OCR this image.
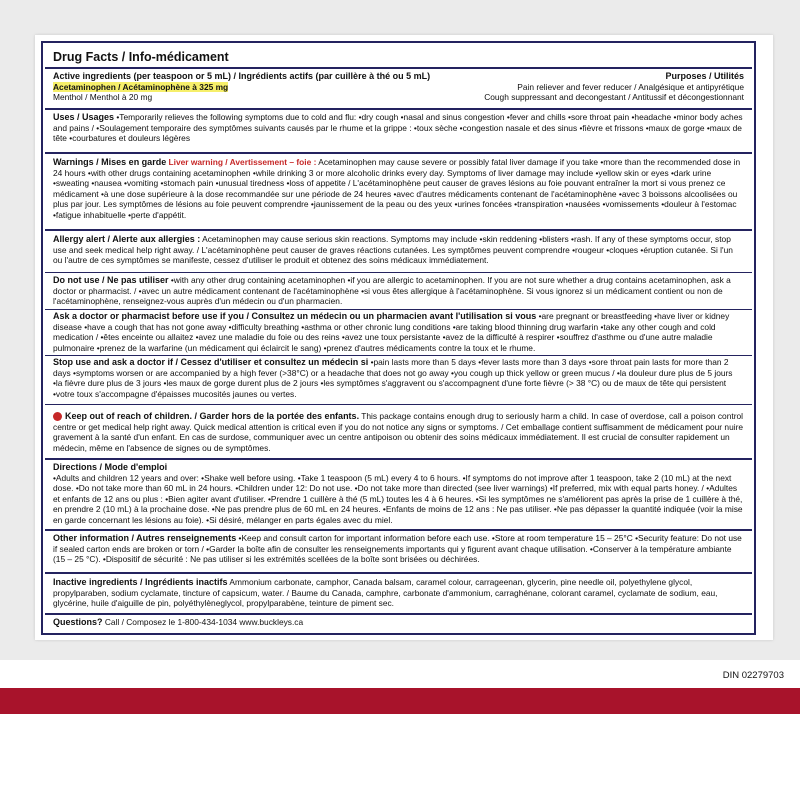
Drug Facts / Info-médicament
Active ingredients (per teaspoon or 5 mL) / Ingrédients actifs (par cuillère à thé ou 5 mL)	Purposes / Utilités
Acetaminophen / Acétaminophène à 325 mg	Pain reliever and fever reducer / Analgésique et antipyrétique
Menthol / Menthol à 20 mg	Cough suppressant and decongestant / Antitussif et décongestionnant

Uses / Usages •Temporarily relieves the following symptoms due to cold and flu: •dry cough •nasal and sinus congestion •fever and chills •sore throat pain •headache •minor body aches and pains / •Soulagement temporaire des symptômes suivants causés par le rhume et la grippe : •toux sèche •congestion nasale et des sinus •fièvre et frissons •maux de gorge •maux de tête •courbatures et douleurs légères

Warnings / Mises en garde Liver warning / Avertissement – foie : Acetaminophen may cause severe or possibly fatal liver damage if you take •more than the recommended dose in 24 hours •with other drugs containing acetaminophen •while drinking 3 or more alcoholic drinks every day. Symptoms of liver damage may include •yellow skin or eyes •dark urine •sweating •nausea •vomiting •stomach pain •unusual tiredness •loss of appetite / L'acétaminophène peut causer de graves lésions au foie pouvant entraîner la mort si vous prenez ce médicament •à une dose supérieure à la dose recommandée sur une période de 24 heures •avec d'autres médicaments contenant de l'acétaminophène •avec 3 boissons alcoolisées ou plus par jour. Les symptômes de lésions au foie peuvent comprendre •jaunissement de la peau ou des yeux •urines foncées •transpiration •nausées •vomissements •douleur à l'estomac •fatigue inhabituelle •perte d'appétit.

Allergy alert / Alerte aux allergies : Acetaminophen may cause serious skin reactions. Symptoms may include •skin reddening •blisters •rash. If any of these symptoms occur, stop use and seek medical help right away. / L'acétaminophène peut causer de graves réactions cutanées. Les symptômes peuvent comprendre •rougeur •cloques •éruption cutanée. Si l'un ou l'autre de ces symptômes se manifeste, cessez d'utiliser le produit et obtenez des soins médicaux immédiatement.

Do not use / Ne pas utiliser •with any other drug containing acetaminophen •if you are allergic to acetaminophen. If you are not sure whether a drug contains acetaminophen, ask a doctor or pharmacist. / •avec un autre médicament contenant de l'acétaminophène •si vous êtes allergique à l'acétaminophène. Si vous ignorez si un médicament contient ou non de l'acétaminophène, renseignez-vous auprès d'un médecin ou d'un pharmacien.

Ask a doctor or pharmacist before use if you / Consultez un médecin ou un pharmacien avant l'utilisation si vous •are pregnant or breastfeeding •have liver or kidney disease •have a cough that has not gone away •difficulty breathing •asthma or other chronic lung conditions •are taking blood thinning drug warfarin •take any other cough and cold medication / •êtes enceinte ou allaitez •avez une maladie du foie ou des reins •avez une toux persistante •avez de la difficulté à respirer •souffrez d'asthme ou d'une autre maladie pulmonaire •prenez de la warfarine (un médicament qui éclaircit le sang) •prenez d'autres médicaments contre la toux et le rhume.

Stop use and ask a doctor if / Cessez d'utiliser et consultez un médecin si •pain lasts more than 5 days •fever lasts more than 3 days •sore throat pain lasts for more than 2 days •symptoms worsen or are accompanied by a high fever (>38°C) or a headache that does not go away •you cough up thick yellow or green mucus / •la douleur dure plus de 5 jours •la fièvre dure plus de 3 jours •les maux de gorge durent plus de 2 jours •les symptômes s'aggravent ou s'accompagnent d'une forte fièvre (> 38 °C) ou de maux de tête qui persistent •votre toux s'accompagne d'épaisses mucosités jaunes ou vertes.

Keep out of reach of children. / Garder hors de la portée des enfants. This package contains enough drug to seriously harm a child. In case of overdose, call a poison control centre or get medical help right away. Quick medical attention is critical even if you do not notice any signs or symptoms. / Cet emballage contient suffisamment de médicament pour nuire gravement à la santé d'un enfant. En cas de surdose, communiquer avec un centre antipoison ou obtenir des soins médicaux immédiatement. Il est crucial de consulter rapidement un médecin, même en l'absence de signes ou de symptômes.

Directions / Mode d'emploi

•Adults and children 12 years and over: •Shake well before using. •Take 1 teaspoon (5 mL) every 4 to 6 hours. •If symptoms do not improve after 1 teaspoon, take 2 (10 mL) at the next dose. •Do not take more than 60 mL in 24 hours. •Children under 12: Do not use. •Do not take more than directed (see liver warnings) •If preferred, mix with equal parts honey. / •Adultes et enfants de 12 ans ou plus : •Bien agiter avant d'utiliser. •Prendre 1 cuillère à thé (5 mL) toutes les 4 à 6 heures. •Si les symptômes ne s'améliorent pas après la prise de 1 cuillère à thé, en prendre 2 (10 mL) à la prochaine dose. •Ne pas prendre plus de 60 mL en 24 heures. •Enfants de moins de 12 ans : Ne pas utiliser. •Ne pas dépasser la quantité indiquée (voir la mise en garde concernant les lésions au foie). •Si désiré, mélanger en parts égales avec du miel.

Other information / Autres renseignements •Keep and consult carton for important information before each use. •Store at room temperature 15 – 25°C •Security feature: Do not use if sealed carton ends are broken or torn / •Garder la boîte afin de consulter les renseignements importants qui y figurent avant chaque utilisation. •Conserver à la température ambiante (15 – 25 °C). •Dispositif de sécurité : Ne pas utiliser si les extrémités scellées de la boîte sont brisées ou déchirées.

Inactive ingredients / Ingrédients inactifs Ammonium carbonate, camphor, Canada balsam, caramel colour, carrageenan, glycerin, pine needle oil, polyethylene glycol, propylparaben, sodium cyclamate, tincture of capsicum, water. / Baume du Canada, camphre, carbonate d'ammonium, carraghénane, colorant caramel, cyclamate de sodium, eau, glycérine, huile d'aiguille de pin, polyéthylèneglycol, propylparabène, teinture de piment sec.

Questions? Call / Composez le 1-800-434-1034 www.buckleys.ca

DIN 02279703
